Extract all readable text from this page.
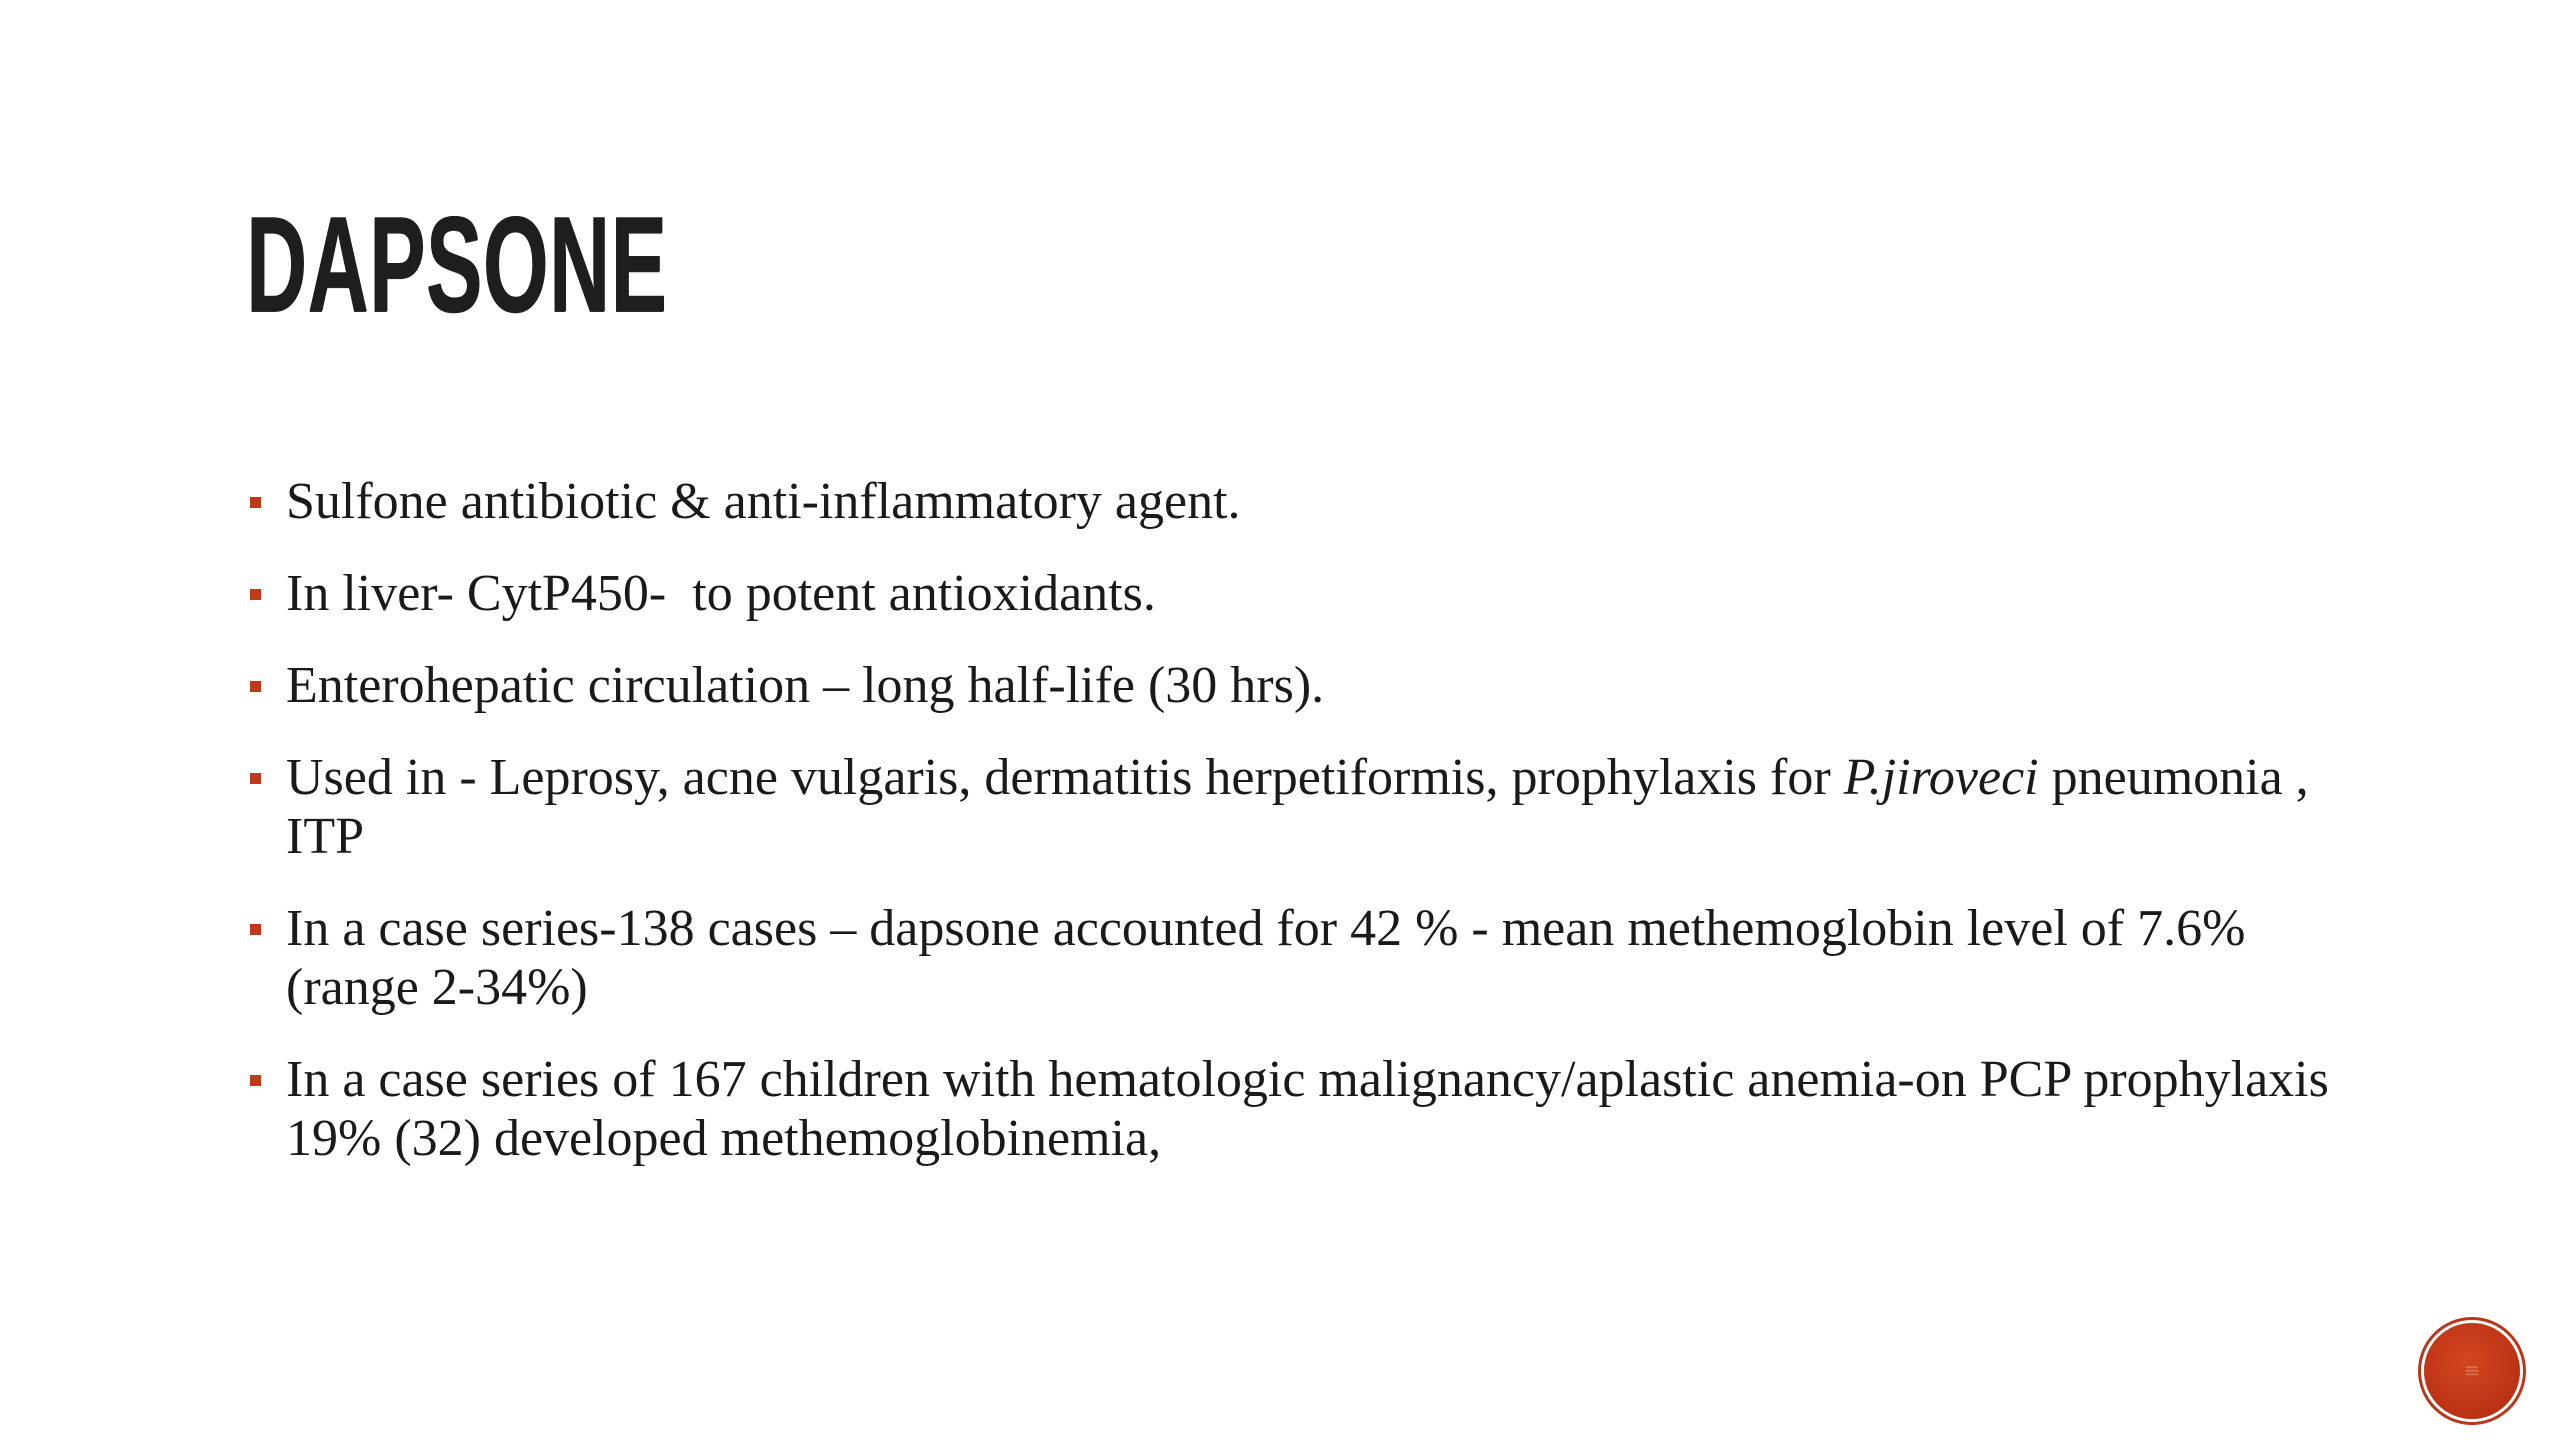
DAPSONE
Sulfone antibiotic & anti-inflammatory agent.
In liver- CytP450-  to potent antioxidants.
Enterohepatic circulation – long half-life (30 hrs).
Used in - Leprosy, acne vulgaris, dermatitis herpetiformis, prophylaxis for P.jiroveci pneumonia , ITP
In a case series-138 cases – dapsone accounted for 42 % - mean methemoglobin level of 7.6% (range 2-34%)
In a case series of 167 children with hematologic malignancy/aplastic anemia-on PCP prophylaxis 19% (32) developed methemoglobinemia,
≡
